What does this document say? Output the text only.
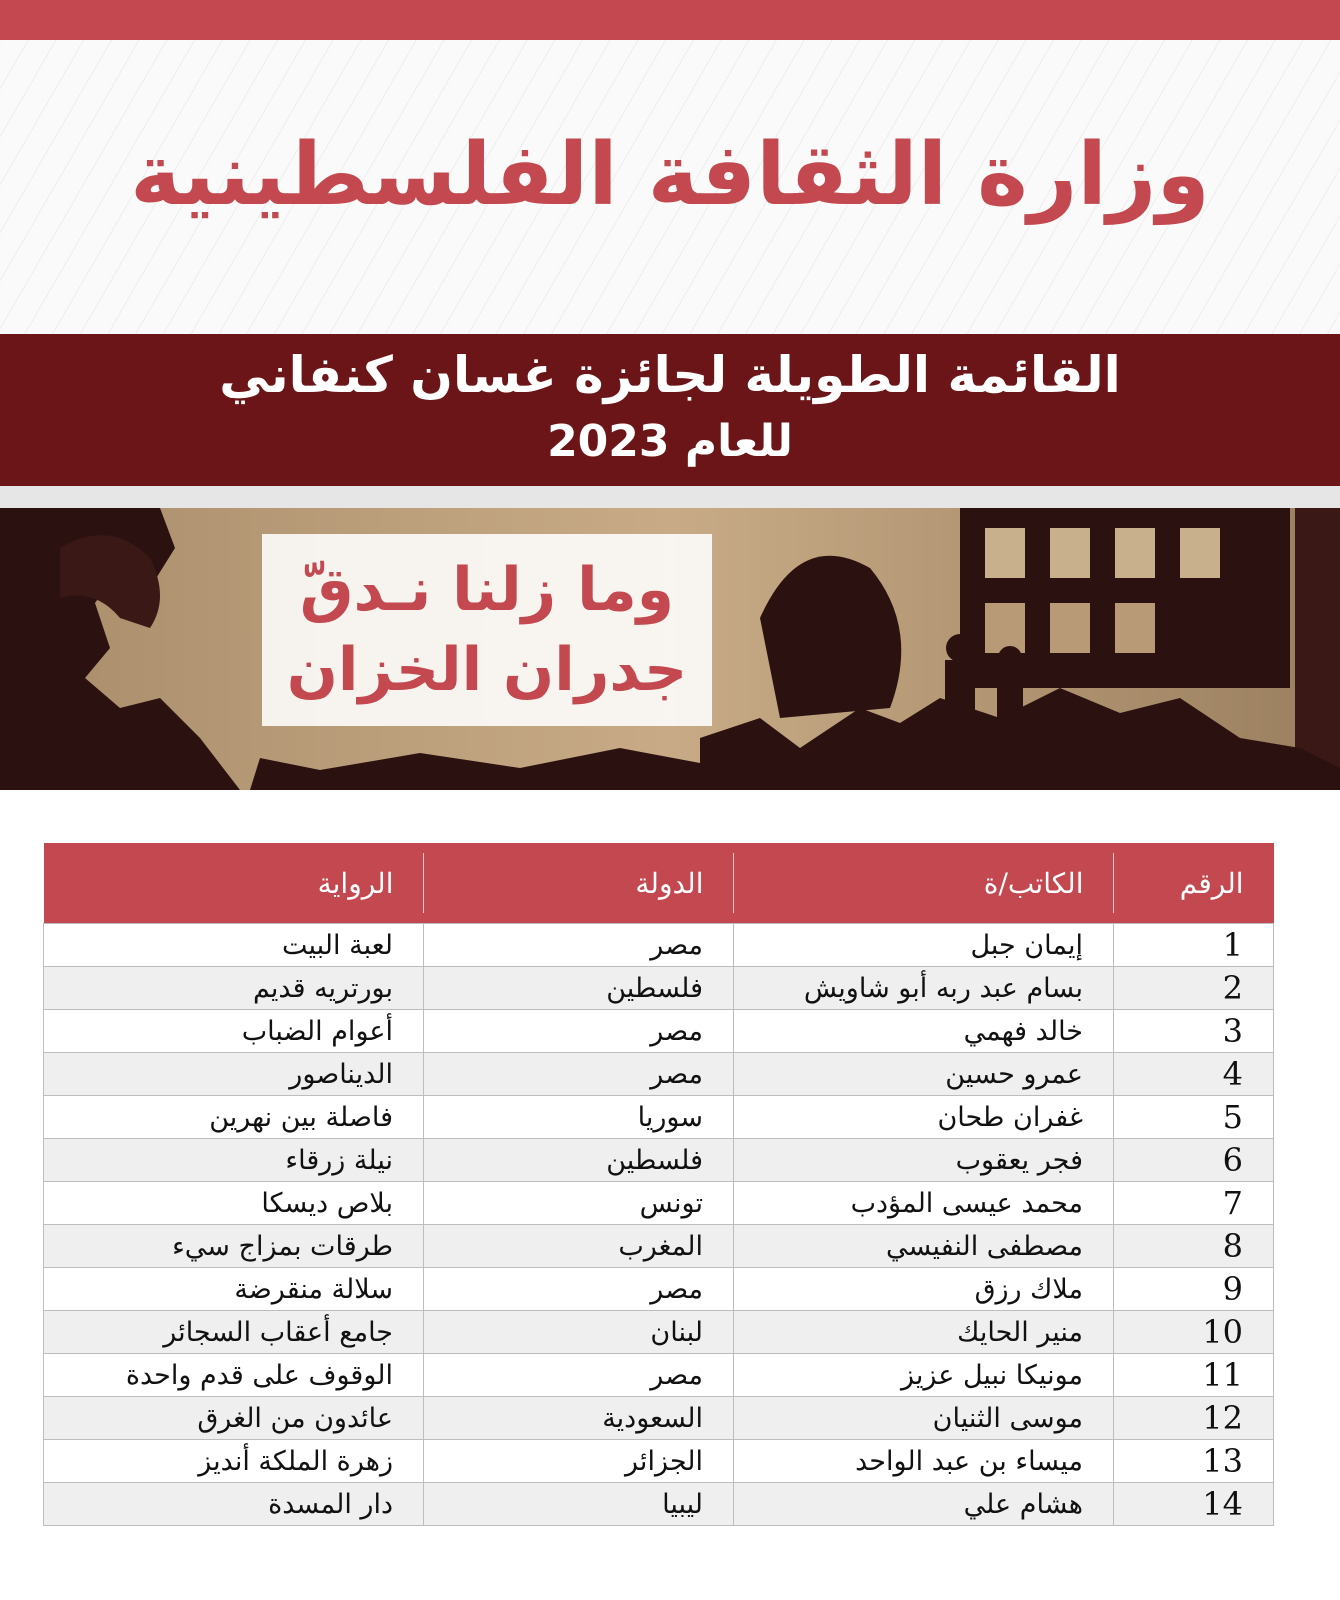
وزارة الثقافة الفلسطينية
القائمة الطويلة لجائزة غسان كنفاني
للعام 2023
وما زلنا نـدقّ
جدران الخزان
الرقم	الكاتب/ة	الدولة	الرواية
1	إيمان جبل	مصر	لعبة البيت
2	بسام عبد ربه أبو شاويش	فلسطين	بورتريه قديم
3	خالد فهمي	مصر	أعوام الضباب
4	عمرو حسين	مصر	الديناصور
5	غفران طحان	سوريا	فاصلة بين نهرين
6	فجر يعقوب	فلسطين	نيلة زرقاء
7	محمد عيسى المؤدب	تونس	بلاص ديسكا
8	مصطفى النفيسي	المغرب	طرقات بمزاج سيء
9	ملاك رزق	مصر	سلالة منقرضة
10	منير الحايك	لبنان	جامع أعقاب السجائر
11	مونيكا نبيل عزيز	مصر	الوقوف على قدم واحدة
12	موسى الثنيان	السعودية	عائدون من الغرق
13	ميساء بن عبد الواحد	الجزائر	زهرة الملكة أنديز
14	هشام علي	ليبيا	دار المسدة
